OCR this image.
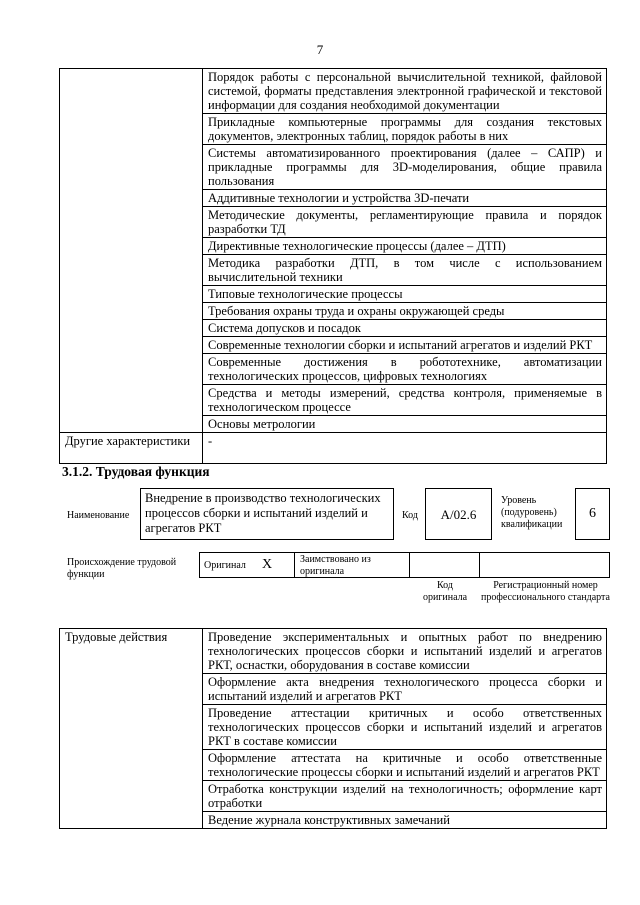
7
	Порядок работы с персональной вычислительной техникой, файловой системой, форматы представления электронной графической и текстовой информации для создания необходимой документации
	Прикладные компьютерные программы для создания текстовых документов, электронных таблиц, порядок работы в них
	Системы автоматизированного проектирования (далее – САПР) и прикладные программы для 3D-моделирования, общие правила пользования
	Аддитивные технологии и устройства 3D-печати
	Методические документы, регламентирующие правила и порядок разработки ТД
	Директивные технологические процессы (далее – ДТП)
	Методика разработки ДТП, в том числе с использованием вычислительной техники
	Типовые технологические процессы
	Требования охраны труда и охраны окружающей среды
	Система допусков и посадок
	Современные технологии сборки и испытаний агрегатов и изделий РКТ
	Современные достижения в робототехнике, автоматизации технологических процессов, цифровых технологиях
	Средства и методы измерений, средства контроля, применяемые в технологическом процессе
	Основы метрологии
Другие характеристики	-
3.1.2. Трудовая функция
Наименование
Внедрение в производство технологических процессов сборки и испытаний изделий и агрегатов РКТ
Код	A/02.6
Уровень (подуровень) квалификации
6
Происхождение трудовой функции
Оригинал X	Заимствовано из оригинала
Код оригинала
Регистрационный номер профессионального стандарта
Трудовые действия	Проведение экспериментальных и опытных работ по внедрению технологических процессов сборки и испытаний изделий и агрегатов РКТ, оснастки, оборудования в составе комиссии
Оформление акта внедрения технологического процесса сборки и испытаний изделий и агрегатов РКТ
Проведение аттестации критичных и особо ответственных технологических процессов сборки и испытаний изделий и агрегатов РКТ в составе комиссии
Оформление аттестата на критичные и особо ответственные технологические процессы сборки и испытаний изделий и агрегатов РКТ
Отработка конструкции изделий на технологичность; оформление карт отработки
Ведение журнала конструктивных замечаний
